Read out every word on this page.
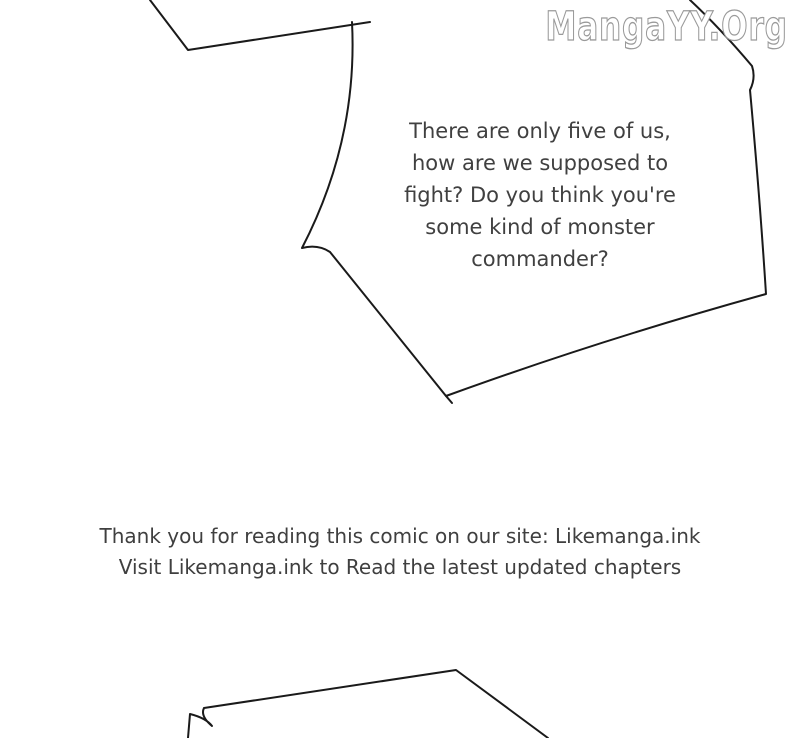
MangaYY.Org
There are only five of us,
how are we supposed to
fight? Do you think you're
some kind of monster
commander?
Thank you for reading this comic on our site: Likemanga.ink
Visit Likemanga.ink to Read the latest updated chapters
